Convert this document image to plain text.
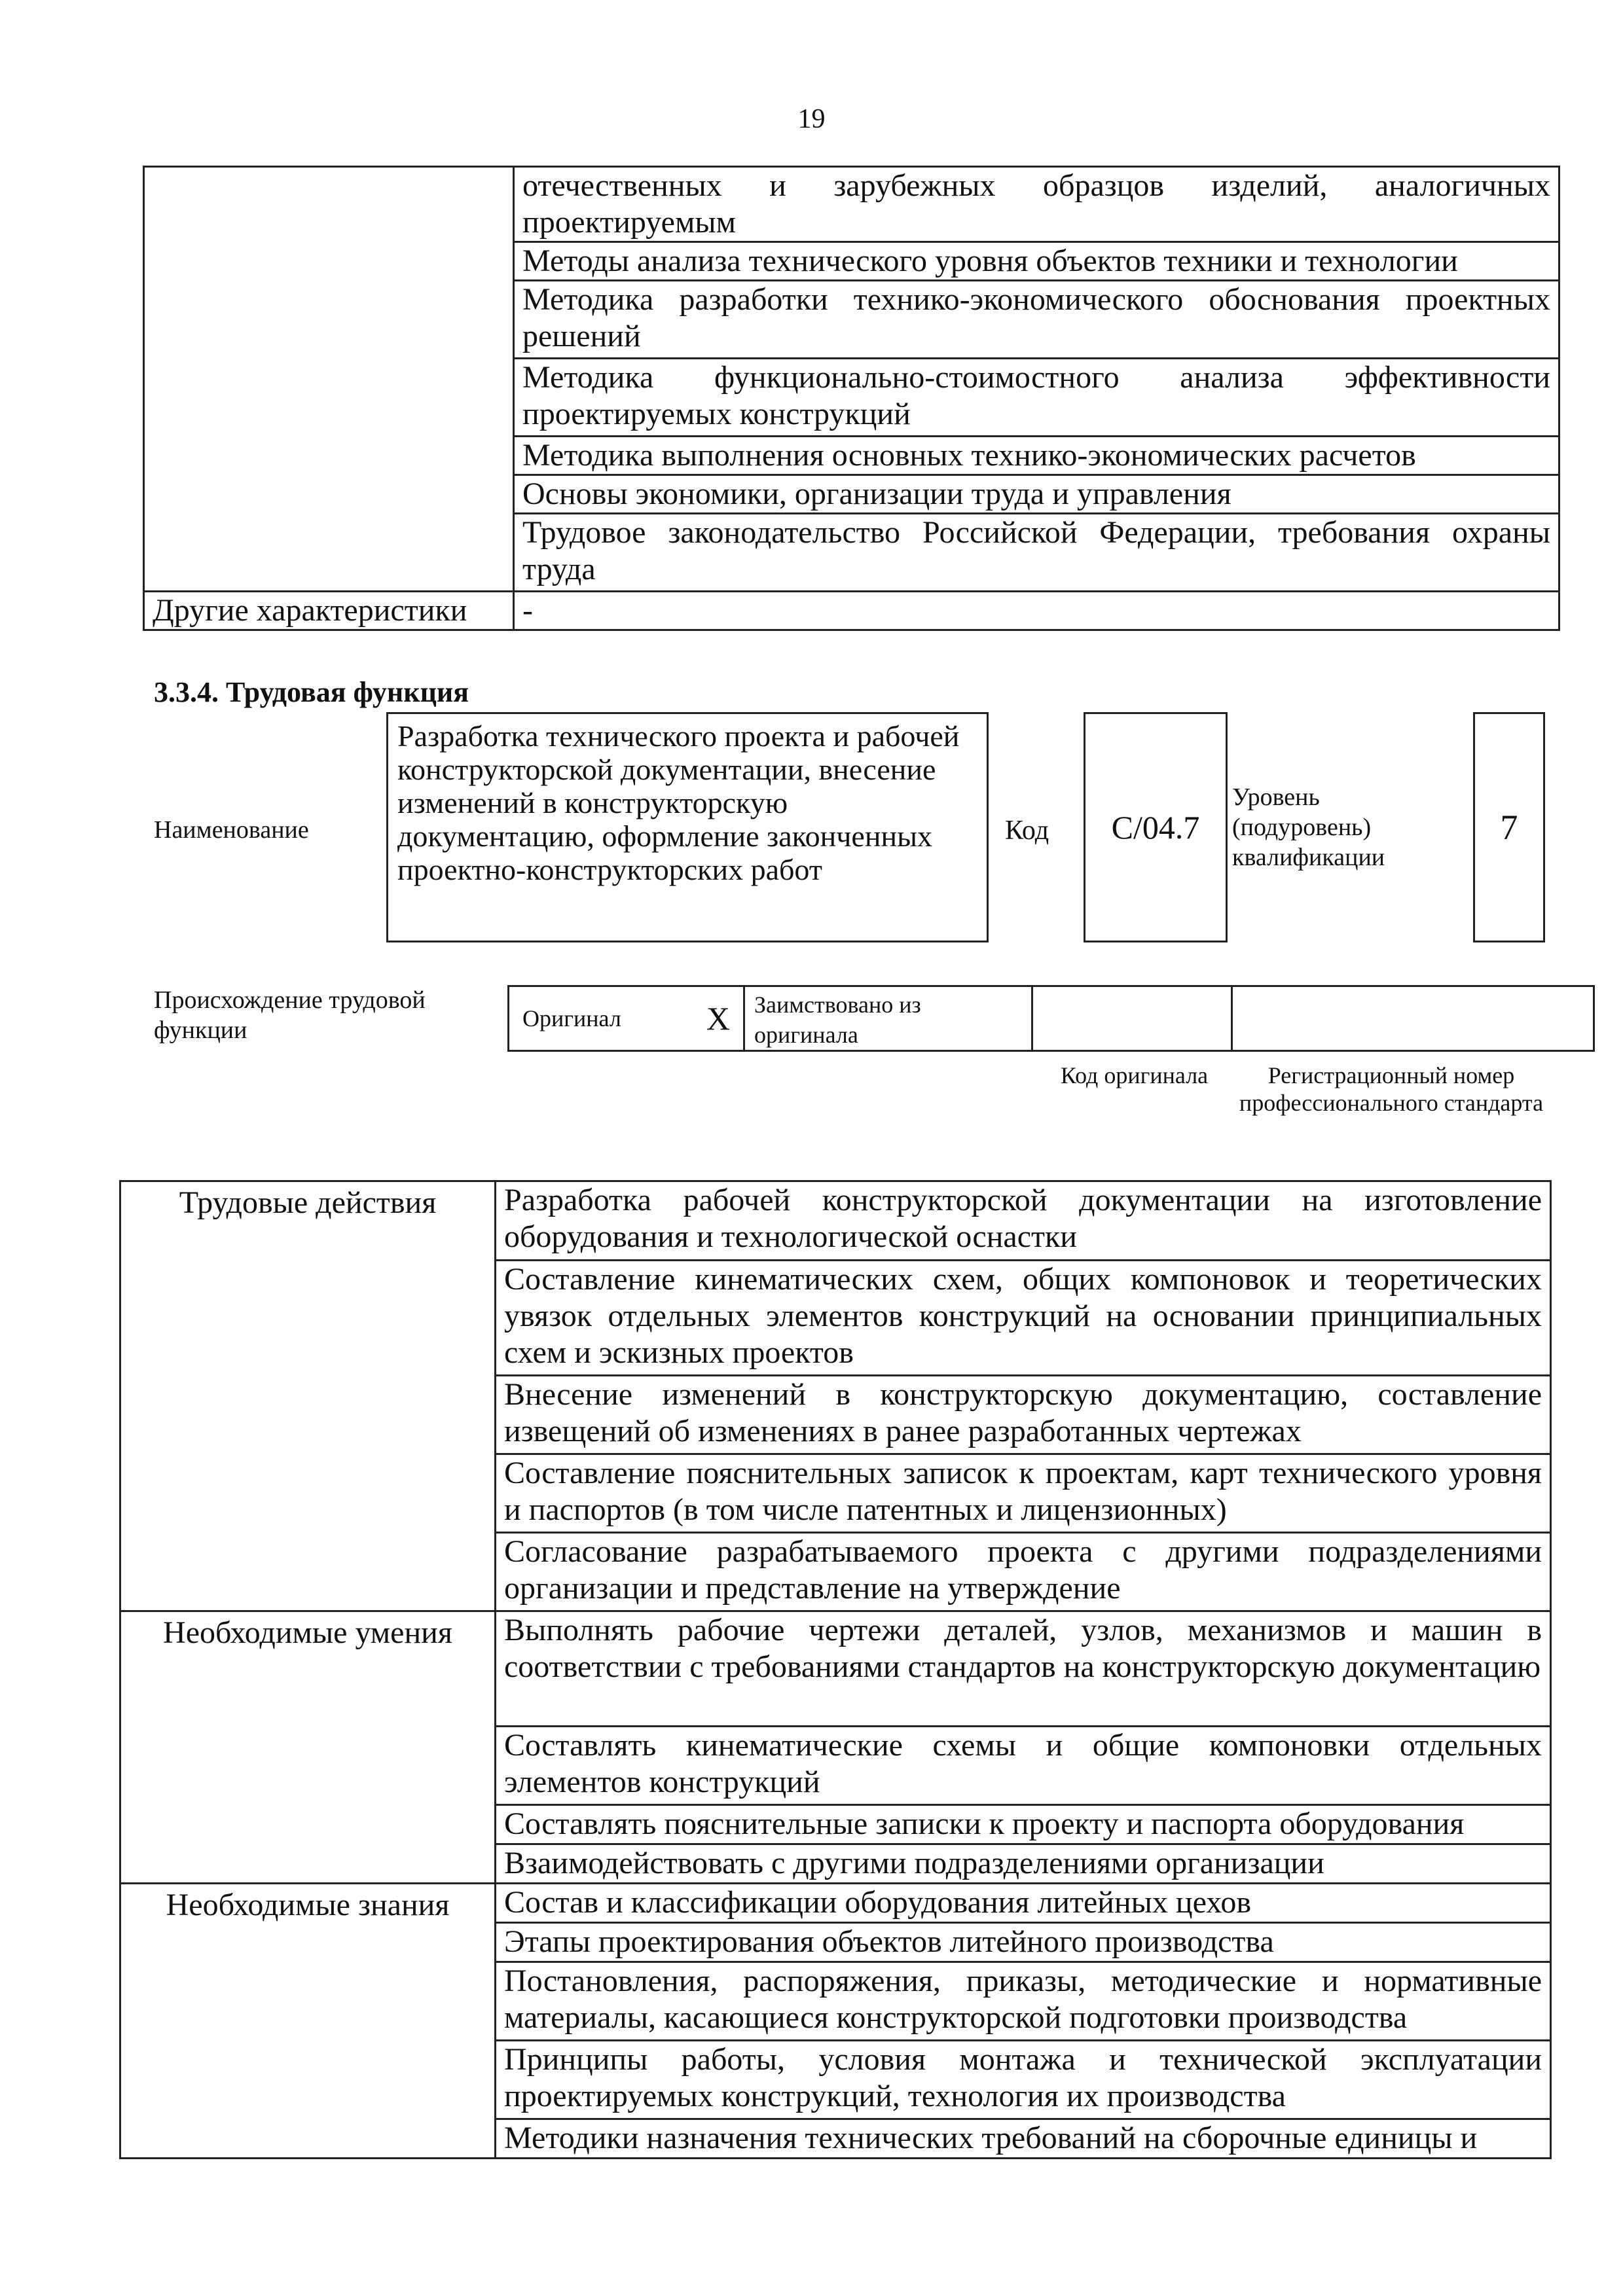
19
	отечественных и зарубежных образцов изделий, аналогичных проектируемым
	Методы анализа технического уровня объектов техники и технологии
	Методика разработки технико-экономического обоснования проектных решений
	Методика функционально-стоимостного анализа эффективности проектируемых конструкций
	Методика выполнения основных технико-экономических расчетов
	Основы экономики, организации труда и управления
	Трудовое законодательство Российской Федерации, требования охраны труда
Другие характеристики	-
3.3.4. Трудовая функция
Наименование
Разработка технического проекта и рабочей конструкторской документации, внесение изменений в конструкторскую документацию, оформление законченных проектно-конструкторских работ
Код	C/04.7
Уровень (подуровень) квалификации
7
Происхождение трудовой функции	Оригинал	X	Заимствовано из оригинала
Код оригинала	Регистрационный номер профессионального стандарта
Трудовые действия	Разработка рабочей конструкторской документации на изготовление оборудования и технологической оснастки
	Составление кинематических схем, общих компоновок и теоретических увязок отдельных элементов конструкций на основании принципиальных схем и эскизных проектов
	Внесение изменений в конструкторскую документацию, составление извещений об изменениях в ранее разработанных чертежах
	Составление пояснительных записок к проектам, карт технического уровня и паспортов (в том числе патентных и лицензионных)
	Согласование разрабатываемого проекта с другими подразделениями организации и представление на утверждение
Необходимые умения	Выполнять рабочие чертежи деталей, узлов, механизмов и машин в соответствии с требованиями стандартов на конструкторскую документацию
	Составлять кинематические схемы и общие компоновки отдельных элементов конструкций
	Составлять пояснительные записки к проекту и паспорта оборудования
	Взаимодействовать с другими подразделениями организации
Необходимые знания	Состав и классификации оборудования литейных цехов
	Этапы проектирования объектов литейного производства
	Постановления, распоряжения, приказы, методические и нормативные материалы, касающиеся конструкторской подготовки производства
	Принципы работы, условия монтажа и технической эксплуатации проектируемых конструкций, технология их производства
	Методики назначения технических требований на сборочные единицы и
